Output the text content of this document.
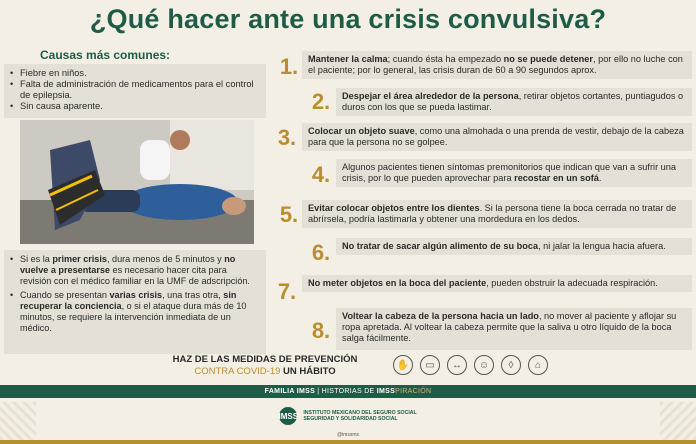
¿Qué hacer ante una crisis convulsiva?
Causas más comunes:
• Fiebre en niños.
• Falta de administración de medicamentos para el control de epilepsia.
• Sin causa aparente.
• Si es la primer crisis, dura menos de 5 minutos y no vuelve a presentarse es necesario hacer cita para revisión con el médico familiar en la UMF de adscripción.
• Cuando se presentan varias crisis, una tras otra, sin recuperar la conciencia, o si el ataque dura más de 10 minutos, se requiere la intervención inmediata de un médico.
1.	Mantener la calma; cuando ésta ha empezado no se puede detener, por ello no luche con el paciente; por lo general, las crisis duran de 60 a 90 segundos aprox.
2.	Despejar el área alrededor de la persona, retirar objetos cortantes, puntiagudos o duros con los que se pueda lastimar.
3.	Colocar un objeto suave, como una almohada o una prenda de vestir, debajo de la cabeza para que la persona no se golpee.
4.	Algunos pacientes tienen síntomas premonitorios que indican que van a sufrir una crisis, por lo que pueden aprovechar para recostar en un sofá.
5.	Evitar colocar objetos entre los dientes. Si la persona tiene la boca cerrada no tratar de abrírsela, podría lastimarla y obtener una mordedura en los dedos.
6.	No tratar de sacar algún alimento de su boca, ni jalar la lengua hacia afuera.
7.	No meter objetos en la boca del paciente, pueden obstruir la adecuada respiración.
HAZ DE LAS MEDIDAS DE PREVENCIÓN
CONTRA COVID-19 UN HÁBITO
✋	▭	↔	☺	◊	⌂
FAMILIA IMSS | HISTORIAS DE IMSSPIRACIÓN
IMSS INSTITUTO MEXICANO DEL SEGURO SOCIAL
SEGURIDAD Y SOLIDARIDAD SOCIAL
@imssmx
8.
Voltear la cabeza de la persona hacia un lado, no mover al paciente y aflojar su ropa apretada. Al voltear la cabeza permite que la saliva u otro líquido de la boca salga fácilmente.
